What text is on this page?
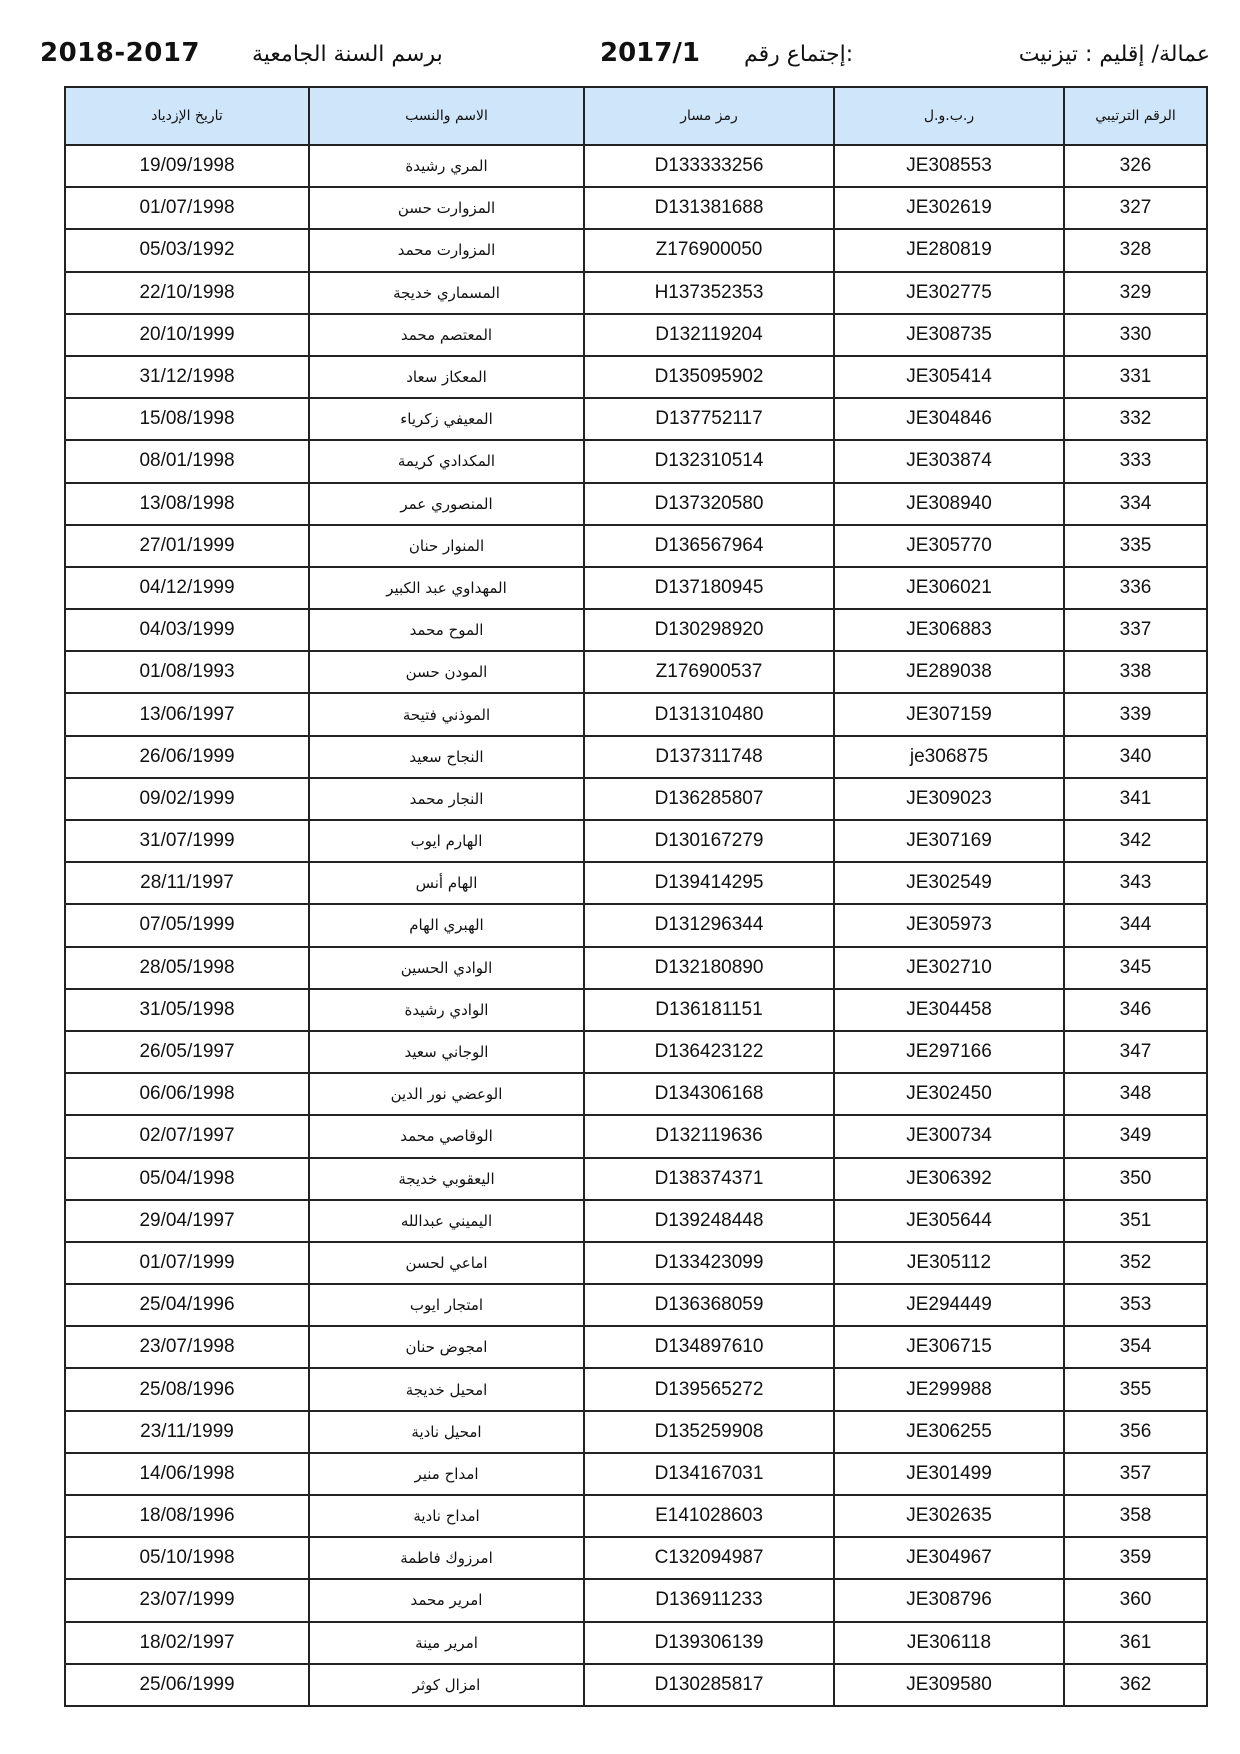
2018-2017 برسم السنة الجامعية	2017/1 إجتماع رقم:	عمالة/ إقليم : تيزنيت
الرقم الترتيبي	ر.ب.و.ل	رمز مسار	الاسم والنسب	تاريخ الإزدياد
326	JE308553	D133333256	المري رشيدة	19/09/1998
327	JE302619	D131381688	المزوارت حسن	01/07/1998
328	JE280819	Z176900050	المزوارت محمد	05/03/1992
329	JE302775	H137352353	المسماري خديجة	22/10/1998
330	JE308735	D132119204	المعتصم محمد	20/10/1999
331	JE305414	D135095902	المعكاز سعاد	31/12/1998
332	JE304846	D137752117	المعيفي زكرياء	15/08/1998
333	JE303874	D132310514	المكدادي كريمة	08/01/1998
334	JE308940	D137320580	المنصوري عمر	13/08/1998
335	JE305770	D136567964	المنوار حنان	27/01/1999
336	JE306021	D137180945	المهداوي عبد الكبير	04/12/1999
337	JE306883	D130298920	الموح محمد	04/03/1999
338	JE289038	Z176900537	المودن حسن	01/08/1993
339	JE307159	D131310480	الموذني فتيحة	13/06/1997
340	je306875	D137311748	النجاح سعيد	26/06/1999
341	JE309023	D136285807	النجار محمد	09/02/1999
342	JE307169	D130167279	الهارم ايوب	31/07/1999
343	JE302549	D139414295	الهام أنس	28/11/1997
344	JE305973	D131296344	الهبري الهام	07/05/1999
345	JE302710	D132180890	الوادي الحسين	28/05/1998
346	JE304458	D136181151	الوادي رشيدة	31/05/1998
347	JE297166	D136423122	الوجاني سعيد	26/05/1997
348	JE302450	D134306168	الوعضي نور الدين	06/06/1998
349	JE300734	D132119636	الوقاصي محمد	02/07/1997
350	JE306392	D138374371	اليعقوبي خديجة	05/04/1998
351	JE305644	D139248448	اليميني عبدالله	29/04/1997
352	JE305112	D133423099	اماعي لحسن	01/07/1999
353	JE294449	D136368059	امتجار ايوب	25/04/1996
354	JE306715	D134897610	امجوض حنان	23/07/1998
355	JE299988	D139565272	امحيل خديجة	25/08/1996
356	JE306255	D135259908	امحيل نادية	23/11/1999
357	JE301499	D134167031	امداح منير	14/06/1998
358	JE302635	E141028603	امداح نادية	18/08/1996
359	JE304967	C132094987	امرزوك فاطمة	05/10/1998
360	JE308796	D136911233	امرير محمد	23/07/1999
361	JE306118	D139306139	امرير مينة	18/02/1997
362	JE309580	D130285817	امزال كوثر	25/06/1999
